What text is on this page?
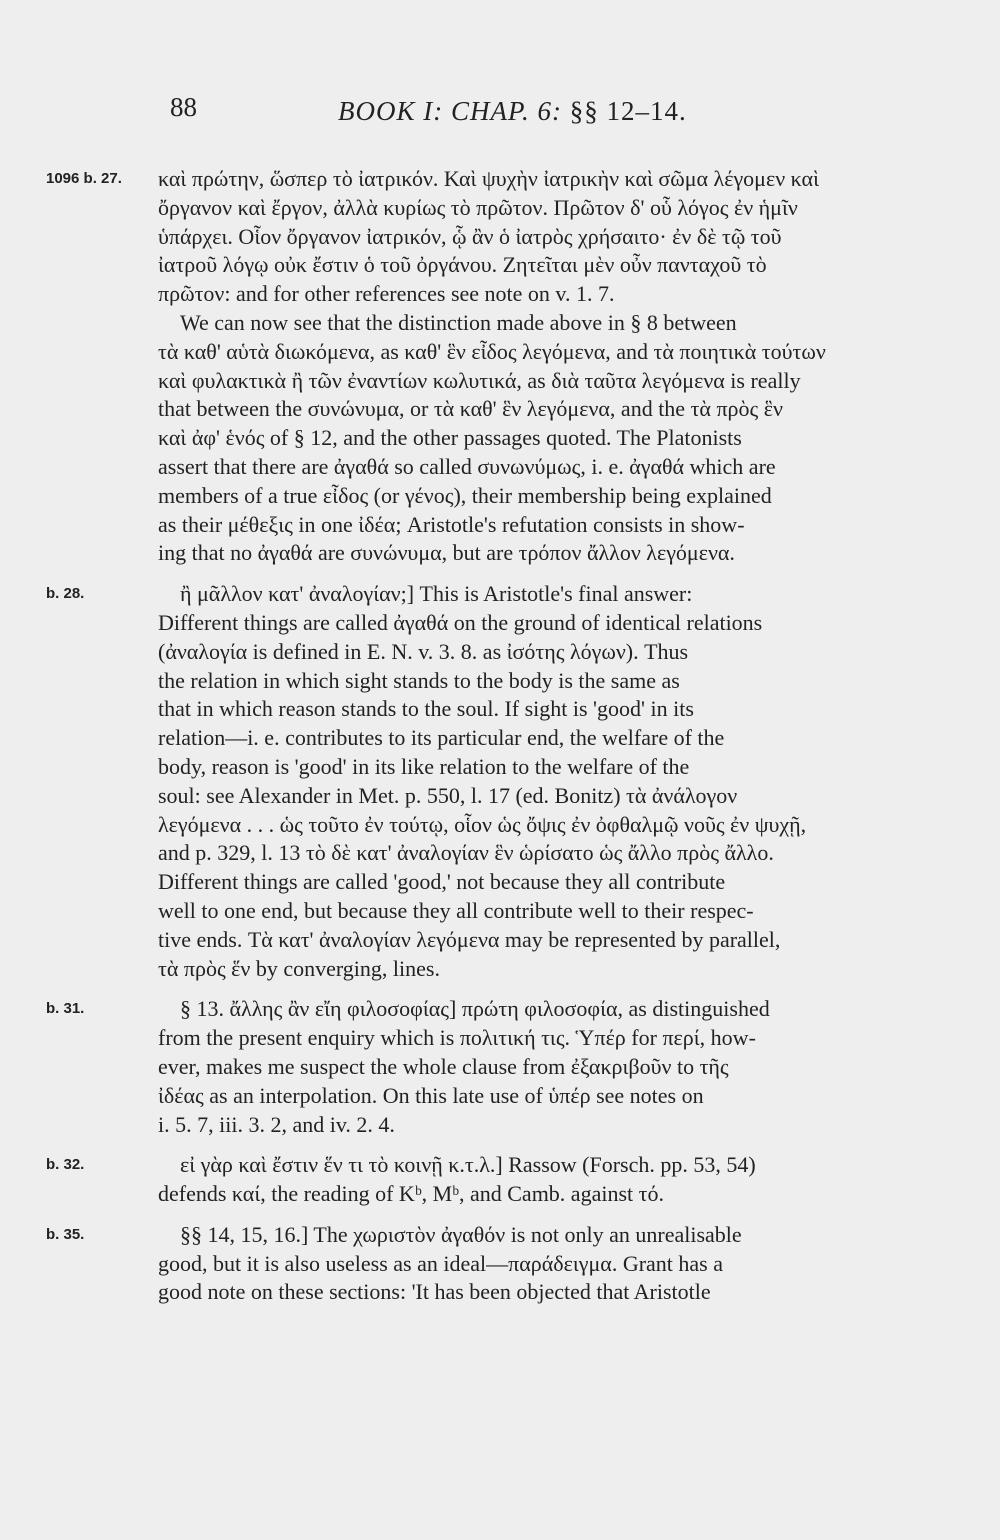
88	BOOK I: CHAP. 6: §§ 12–14.
1096 b. 27.	καὶ πρώτην, ὥσπερ τὸ ἰατρικόν. Καὶ ψυχὴν ἰατρικὴν καὶ σῶμα λέγομεν καὶ
ὄργανον καὶ ἔργον, ἀλλὰ κυρίως τὸ πρῶτον. Πρῶτον δ' οὗ λόγος ἐν ἡμῖν
ὑπάρχει. Οἷον ὄργανον ἰατρικόν, ᾧ ἂν ὁ ἰατρὸς χρήσαιτο· ἐν δὲ τῷ τοῦ
ἰατροῦ λόγῳ οὐκ ἔστιν ὁ τοῦ ὀργάνου. Ζητεῖται μὲν οὖν πανταχοῦ τὸ
πρῶτον: and for other references see note on v. 1. 7.
We can now see that the distinction made above in § 8 between
τὰ καθ' αὑτὰ διωκόμενα, as καθ' ἓν εἶδος λεγόμενα, and τὰ ποιητικὰ τούτων
καὶ φυλακτικὰ ἢ τῶν ἐναντίων κωλυτικά, as διὰ ταῦτα λεγόμενα is really
that between the συνώνυμα, or τὰ καθ' ἓν λεγόμενα, and the τὰ πρὸς ἓν
καὶ ἀφ' ἑνός of § 12, and the other passages quoted. The Platonists
assert that there are ἀγαθά so called συνωνύμως, i. e. ἀγαθά which are
members of a true εἶδος (or γένος), their membership being explained
as their μέθεξις in one ἰδέα; Aristotle's refutation consists in show-
ing that no ἀγαθά are συνώνυμα, but are τρόπον ἄλλον λεγόμενα.
b. 28.	ἢ μᾶλλον κατ' ἀναλογίαν;] This is Aristotle's final answer:
Different things are called ἀγαθά on the ground of identical relations
(ἀναλογία is defined in E. N. v. 3. 8. as ἰσότης λόγων). Thus
the relation in which sight stands to the body is the same as
that in which reason stands to the soul. If sight is 'good' in its
relation—i. e. contributes to its particular end, the welfare of the
body, reason is 'good' in its like relation to the welfare of the
soul: see Alexander in Met. p. 550, l. 17 (ed. Bonitz) τὰ ἀνάλογον
λεγόμενα . . . ὡς τοῦτο ἐν τούτῳ, οἷον ὡς ὄψις ἐν ὀφθαλμῷ νοῦς ἐν ψυχῇ,
and p. 329, l. 13 τὸ δὲ κατ' ἀναλογίαν ἓν ὡρίσατο ὡς ἄλλο πρὸς ἄλλο.
Different things are called 'good,' not because they all contribute
well to one end, but because they all contribute well to their respec-
tive ends. Τὰ κατ' ἀναλογίαν λεγόμενα may be represented by parallel,
τὰ πρὸς ἕν by converging, lines.
b. 31.	§ 13. ἄλλης ἂν εἴη φιλοσοφίας] πρώτη φιλοσοφία, as distinguished
from the present enquiry which is πολιτική τις. Ὑπέρ for περί, how-
ever, makes me suspect the whole clause from ἐξακριβοῦν to τῆς
ἰδέας as an interpolation. On this late use of ὑπέρ see notes on
i. 5. 7, iii. 3. 2, and iv. 2. 4.
b. 32.	εἰ γὰρ καὶ ἔστιν ἕν τι τὸ κοινῇ κ.τ.λ.] Rassow (Forsch. pp. 53, 54)
defends καί, the reading of Kᵇ, Mᵇ, and Camb. against τό.
b. 35.	§§ 14, 15, 16.] The χωριστὸν ἀγαθόν is not only an unrealisable
good, but it is also useless as an ideal—παράδειγμα. Grant has a
good note on these sections: 'It has been objected that Aristotle
